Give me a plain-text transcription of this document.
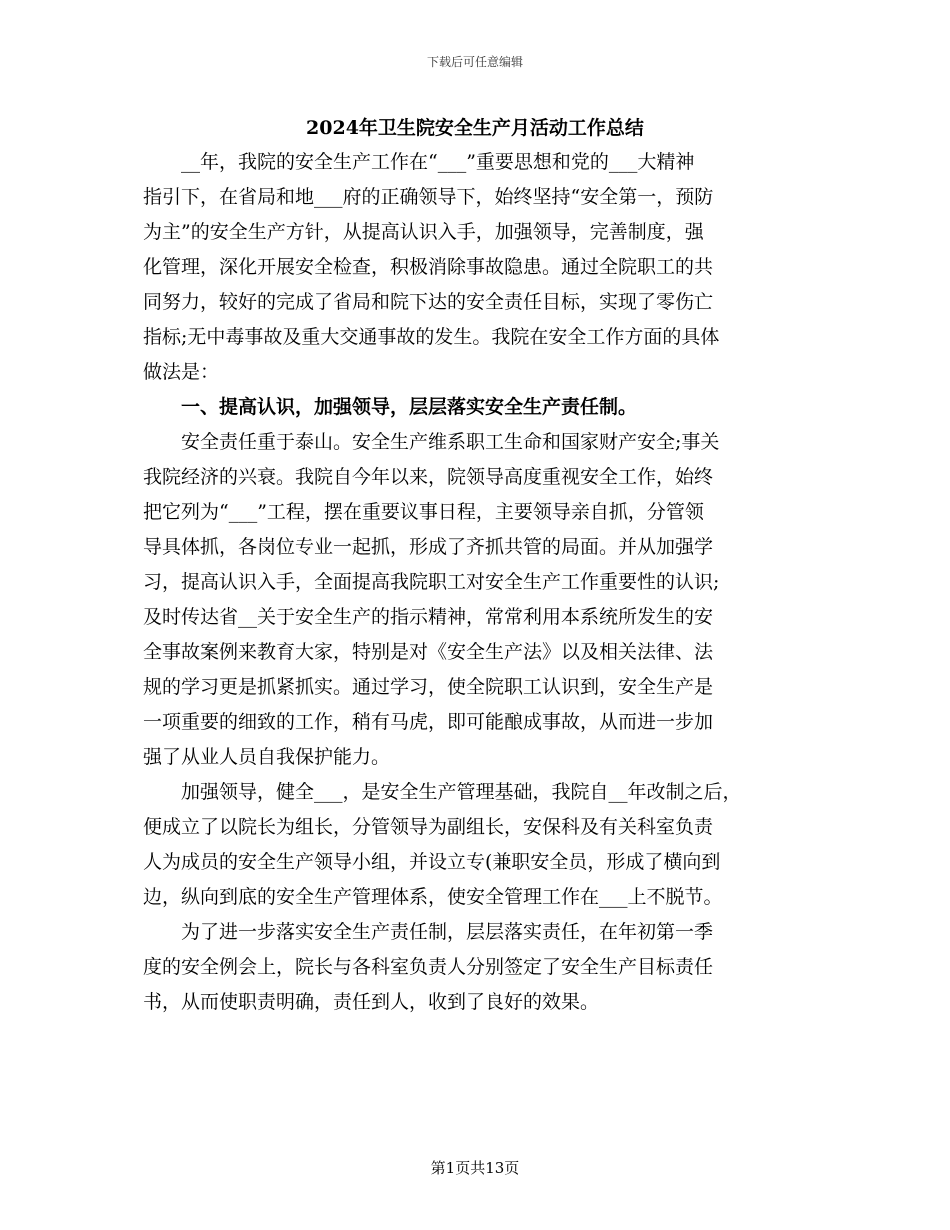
下载后可任意编辑
2024年卫生院安全生产月活动工作总结
__年，我院的安全生产工作在“___”重要思想和党的___大精神
指引下，在省局和地___府的正确领导下，始终坚持“安全第一，预防
为主”的安全生产方针，从提高认识入手，加强领导，完善制度，强
化管理，深化开展安全检查，积极消除事故隐患。通过全院职工的共
同努力，较好的完成了省局和院下达的安全责任目标，实现了零伤亡
指标;无中毒事故及重大交通事故的发生。我院在安全工作方面的具体
做法是：
一、提高认识，加强领导，层层落实安全生产责任制。
安全责任重于泰山。安全生产维系职工生命和国家财产安全;事关
我院经济的兴衰。我院自今年以来，院领导高度重视安全工作，始终
把它列为“___”工程，摆在重要议事日程，主要领导亲自抓，分管领
导具体抓，各岗位专业一起抓，形成了齐抓共管的局面。并从加强学
习，提高认识入手，全面提高我院职工对安全生产工作重要性的认识;
及时传达省__关于安全生产的指示精神，常常利用本系统所发生的安
全事故案例来教育大家，特别是对《安全生产法》以及相关法律、法
规的学习更是抓紧抓实。通过学习，使全院职工认识到，安全生产是
一项重要的细致的工作，稍有马虎，即可能酿成事故，从而进一步加
强了从业人员自我保护能力。
加强领导，健全___，是安全生产管理基础，我院自__年改制之后，
便成立了以院长为组长，分管领导为副组长，安保科及有关科室负责
人为成员的安全生产领导小组，并设立专(兼职安全员，形成了横向到
边，纵向到底的安全生产管理体系，使安全管理工作在___上不脱节。
为了进一步落实安全生产责任制，层层落实责任，在年初第一季
度的安全例会上，院长与各科室负责人分别签定了安全生产目标责任
书，从而使职责明确，责任到人，收到了良好的效果。
第1页共13页
